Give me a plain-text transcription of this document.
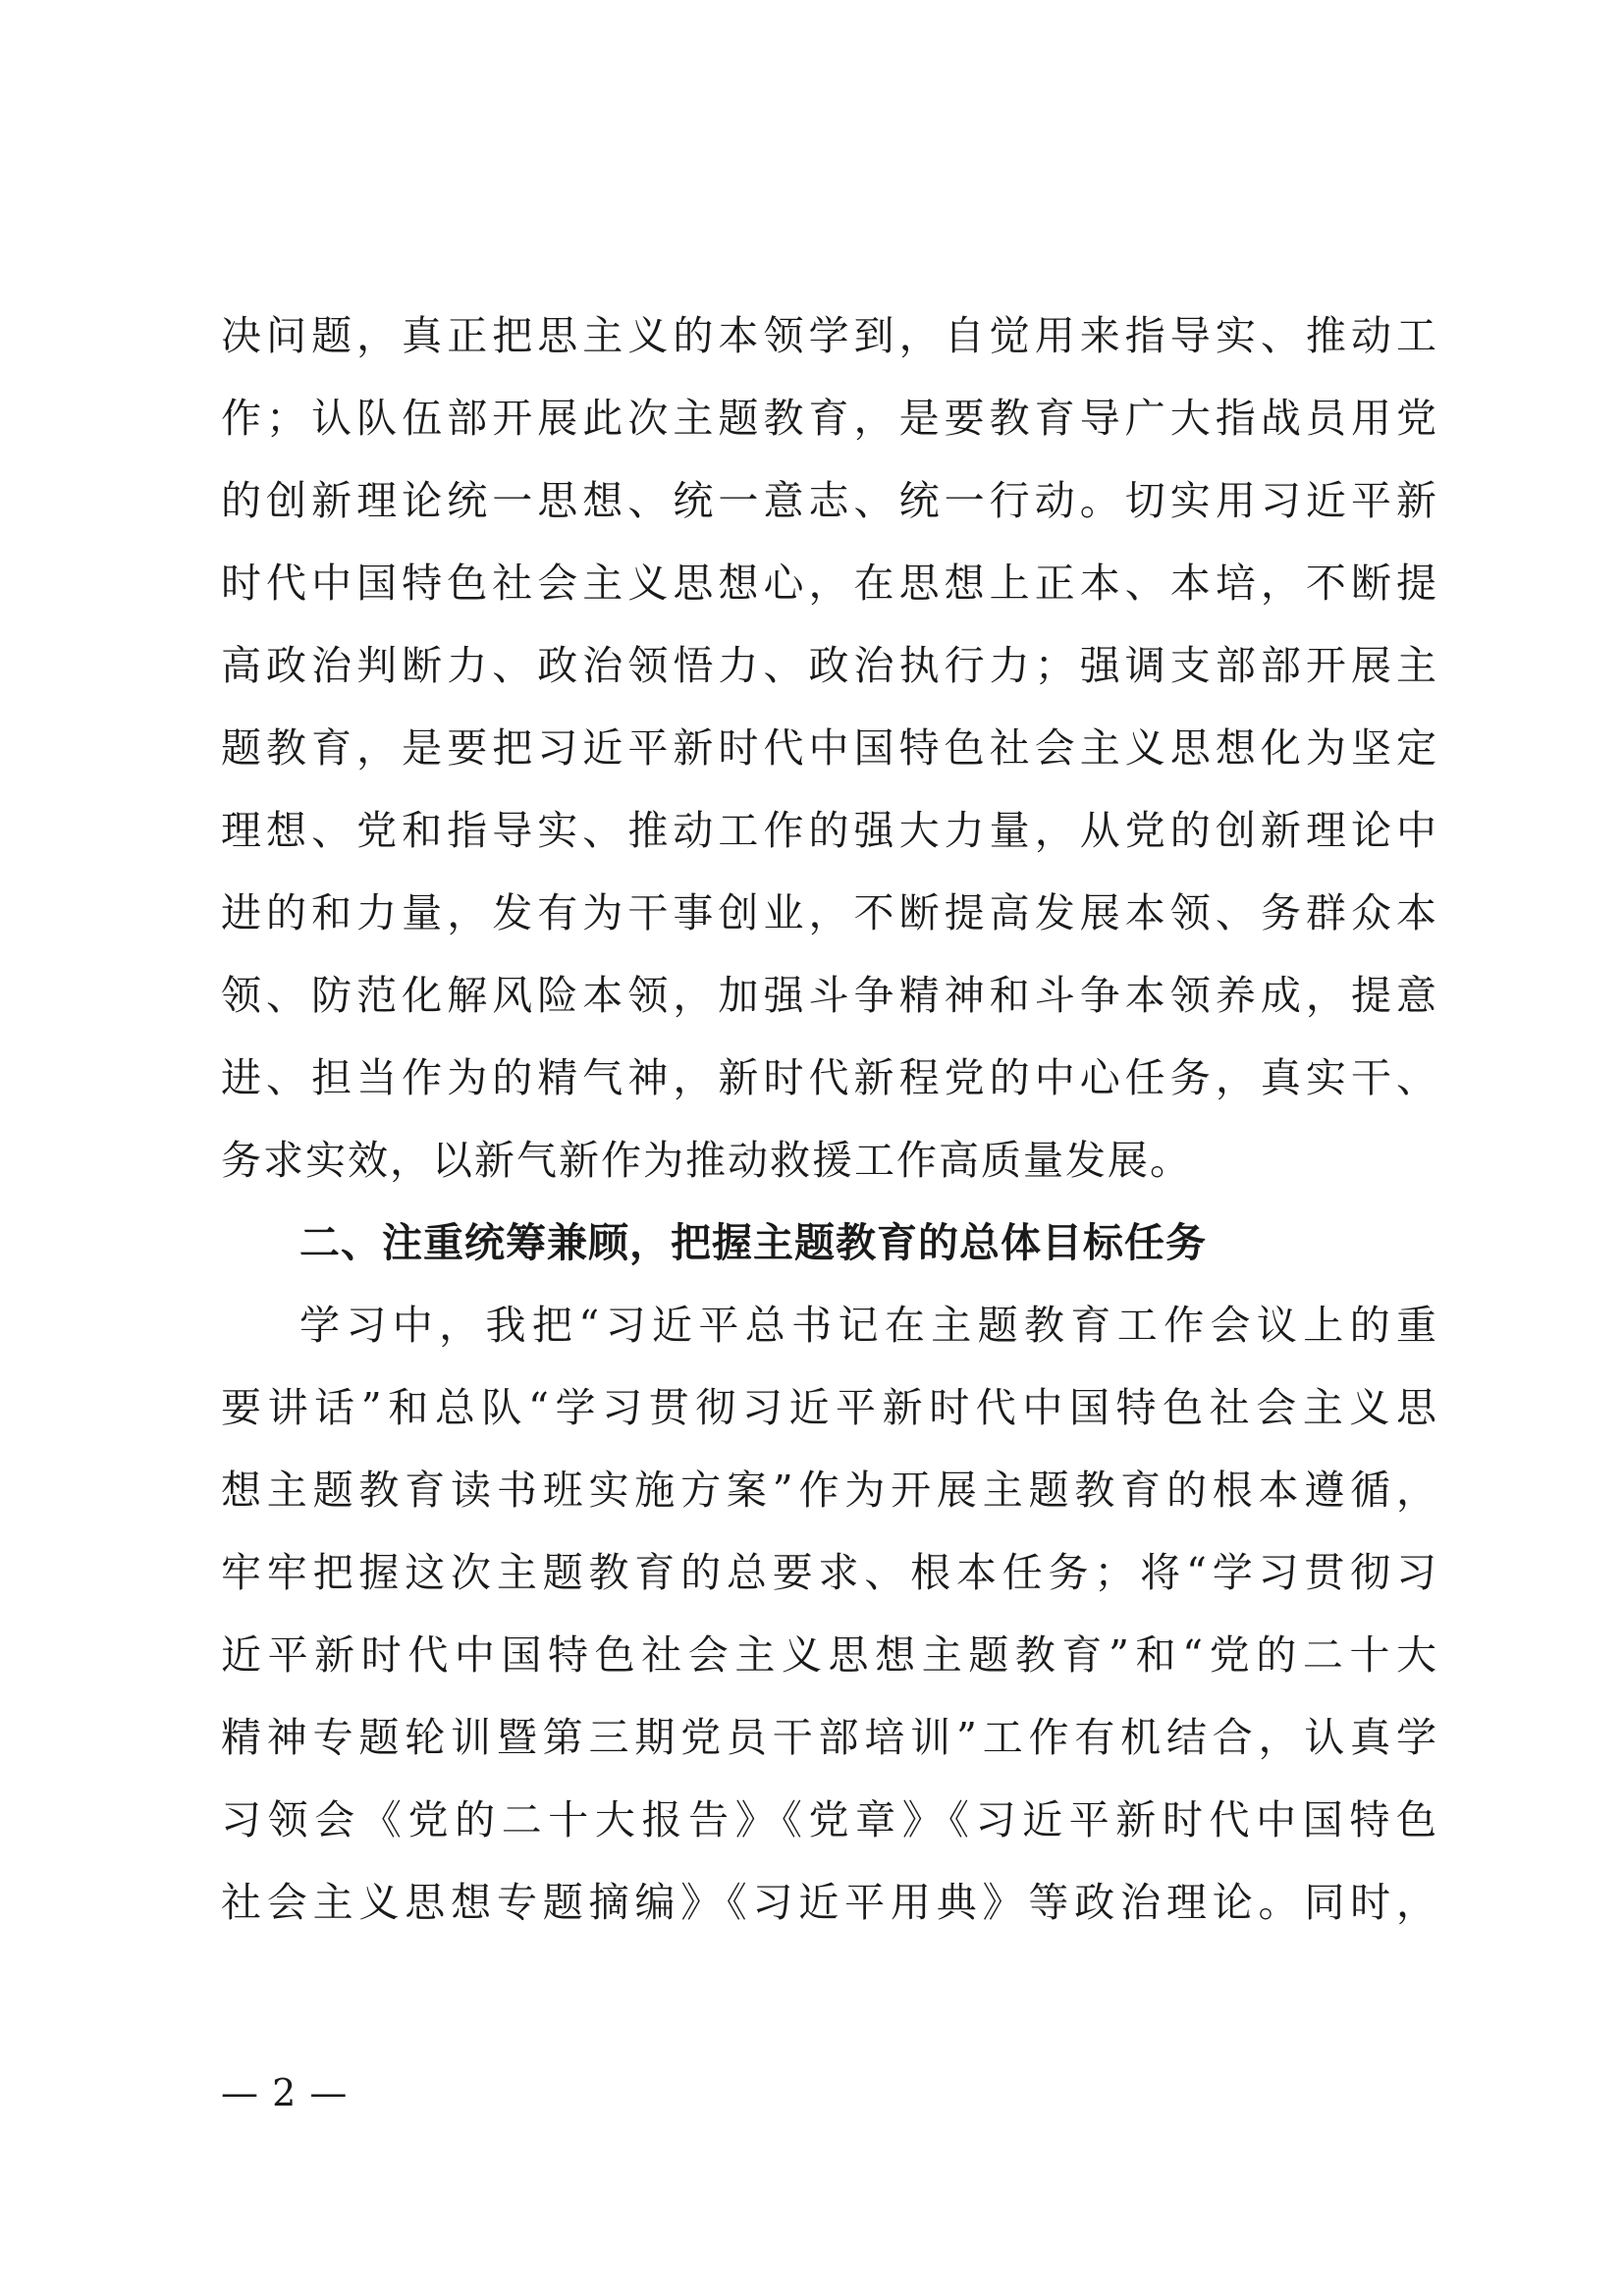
决问题，真正把思主义的本领学到，自觉用来指导实、推动工
作；认队伍部开展此次主题教育，是要教育导广大指战员用党
的创新理论统一思想、统一意志、统一行动。切实用习近平新
时代中国特色社会主义思想心，在思想上正本、本培，不断提
高政治判断力、政治领悟力、政治执行力；强调支部部开展主
题教育，是要把习近平新时代中国特色社会主义思想化为坚定
理想、党和指导实、推动工作的强大力量，从党的创新理论中
进的和力量，发有为干事创业，不断提高发展本领、务群众本
领、防范化解风险本领，加强斗争精神和斗争本领养成，提意
进、担当作为的精气神，新时代新程党的中心任务，真实干、
务求实效，以新气新作为推动救援工作高质量发展。
二、注重统筹兼顾，把握主题教育的总体目标任务
学习中，我把“习近平总书记在主题教育工作会议上的重
要讲话”和总队“学习贯彻习近平新时代中国特色社会主义思
想主题教育读书班实施方案”作为开展主题教育的根本遵循，
牢牢把握这次主题教育的总要求、根本任务；将“学习贯彻习
近平新时代中国特色社会主义思想主题教育”和“党的二十大
精神专题轮训暨第三期党员干部培训”工作有机结合，认真学
习领会《党的二十大报告》《党章》《习近平新时代中国特色
社会主义思想专题摘编》《习近平用典》等政治理论。同时，
— 2 —
